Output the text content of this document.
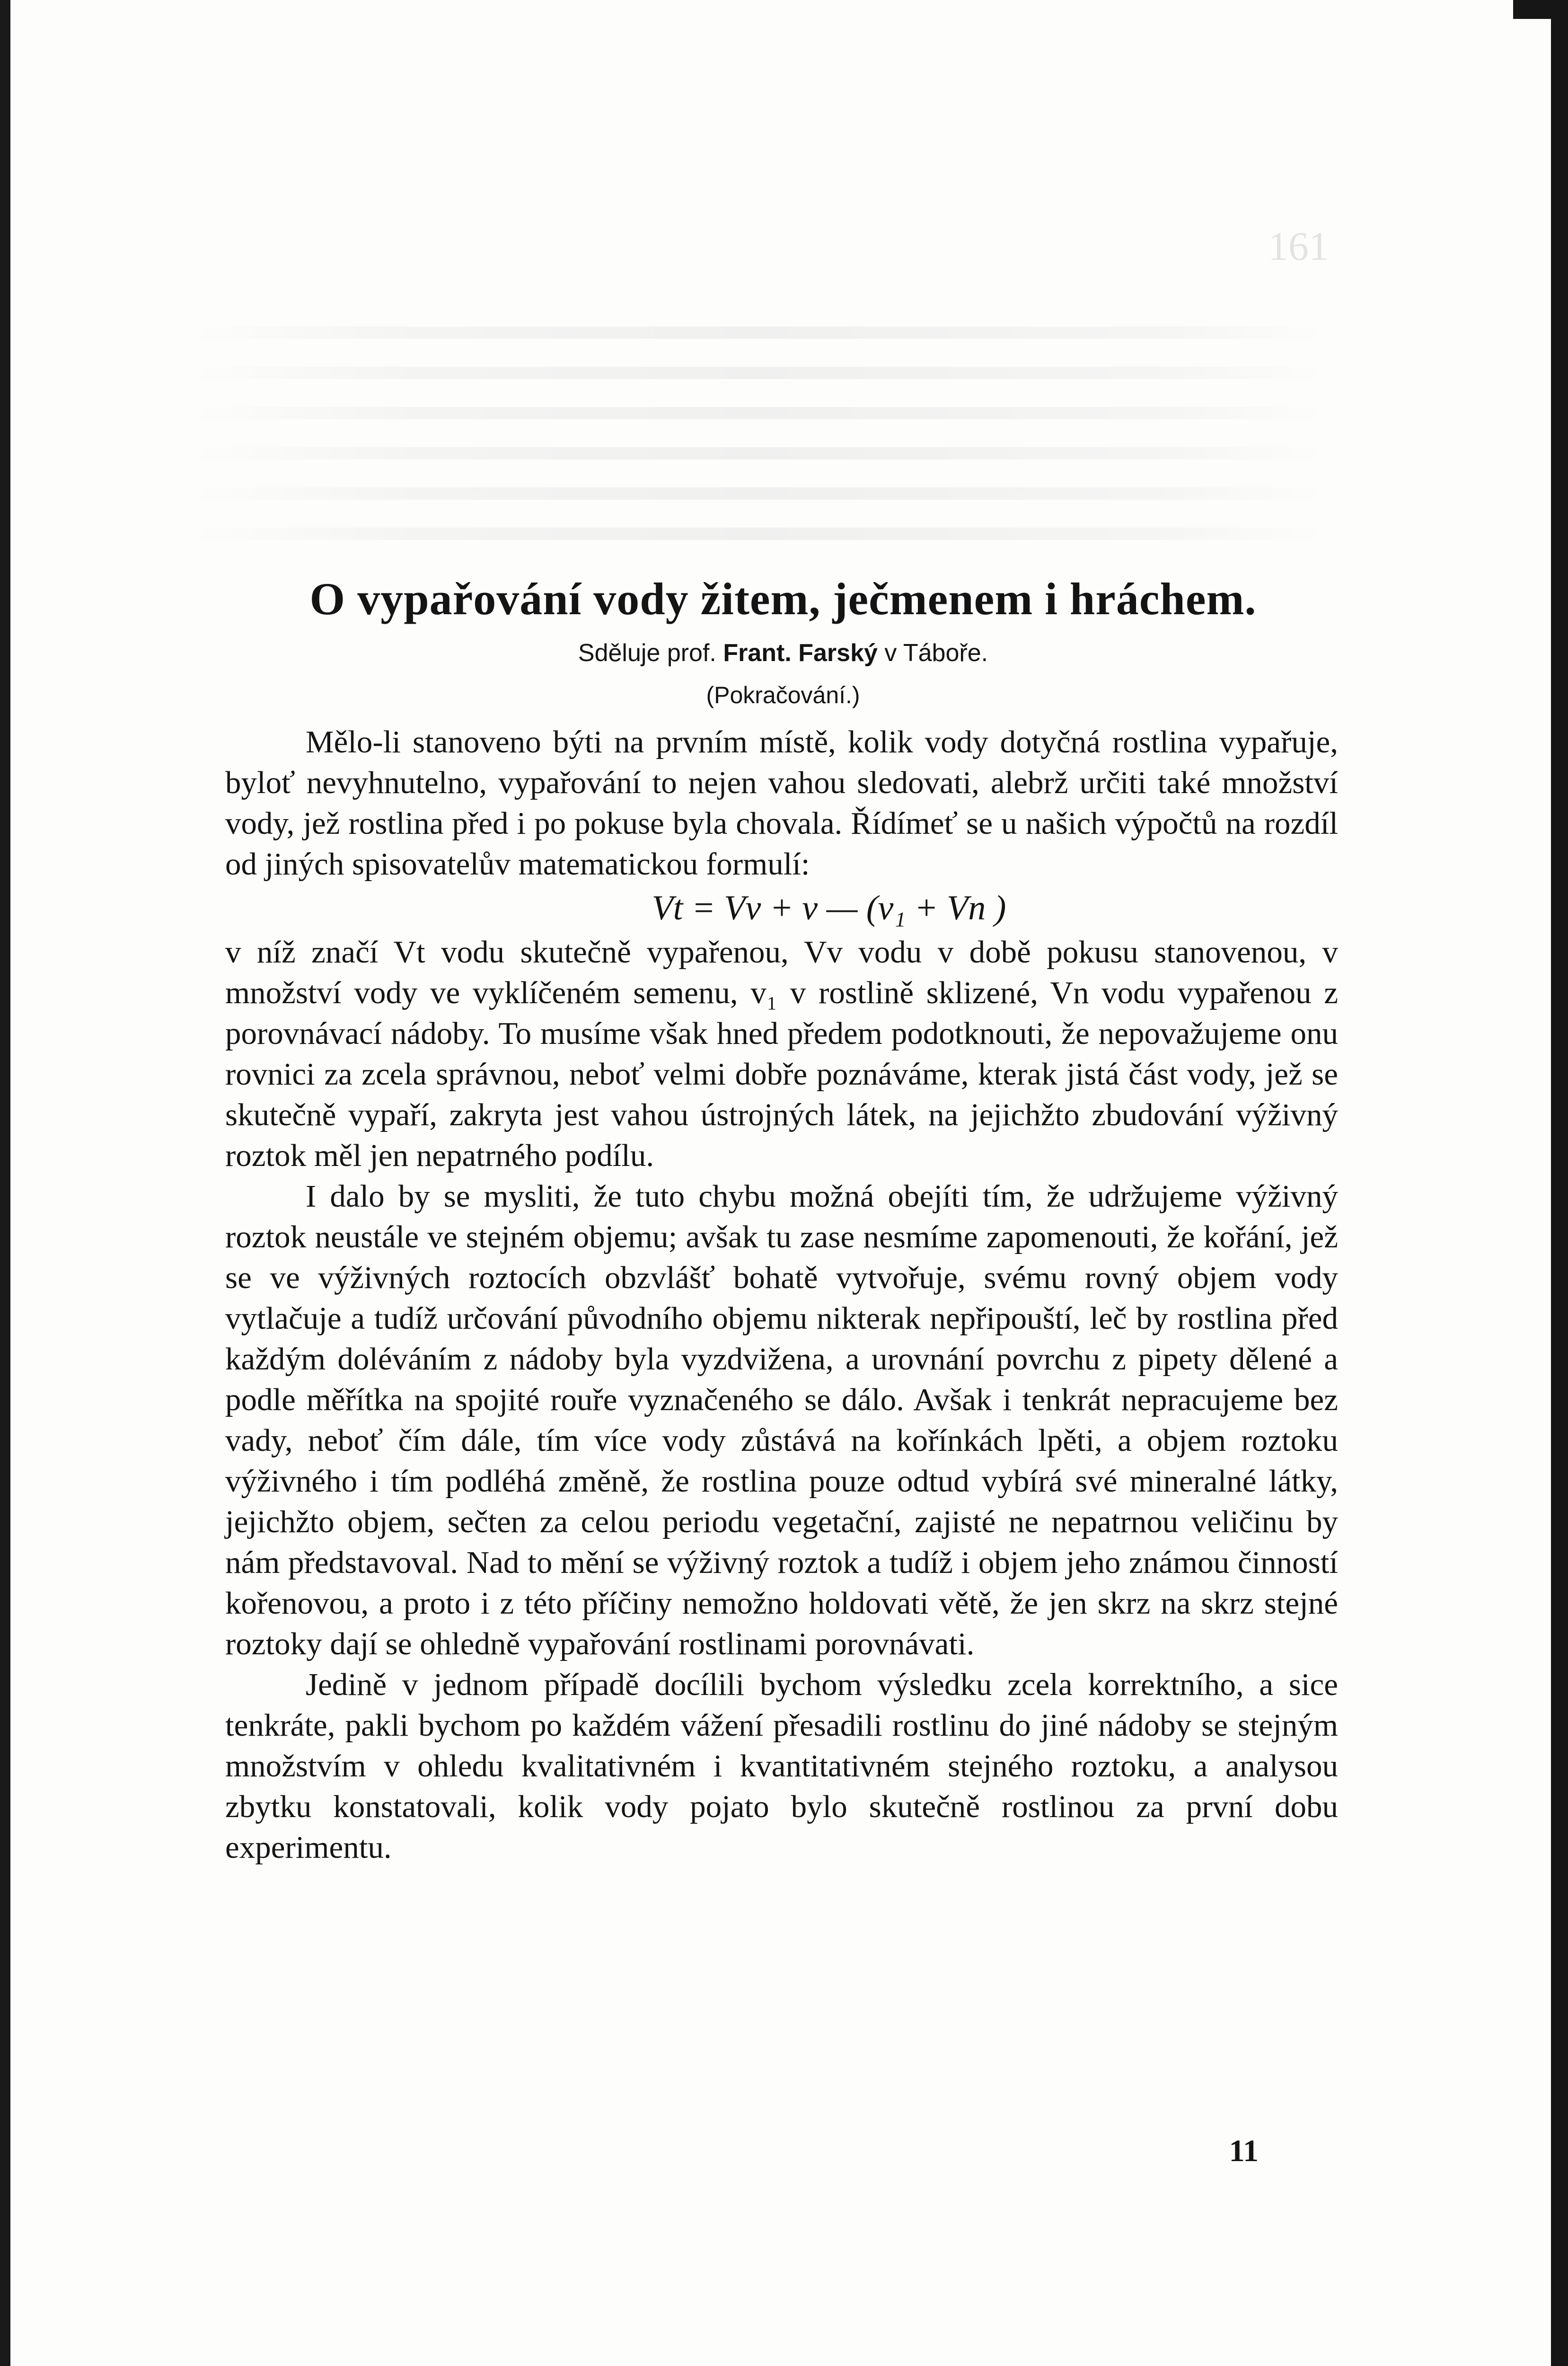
161
O vypařování vody žitem, ječmenem i hráchem.
Sděluje prof. Frant. Farský v Táboře.
(Pokračování.)

Mělo-li stanoveno býti na prvním místě, kolik vody dotyčná rostlina vypařuje, byloť nevyhnutelno, vypařování to nejen vahou sledovati, alebrž určiti také množství vody, jež rostlina před i po pokuse byla chovala. Řídímeť se u našich výpočtů na rozdíl od jiných spisovatelův matematickou formulí:

Vt = Vv + v — (v₁ + Vn )

v níž značí Vt vodu skutečně vypařenou, Vv vodu v době pokusu stanovenou, v množství vody ve vyklíčeném semenu, v₁ v rostlině sklizené, Vn vodu vypařenou z porovnávací nádoby. To musíme však hned předem podotknouti, že nepovažujeme onu rovnici za zcela správnou, neboť velmi dobře poznáváme, kterak jistá část vody, jež se skutečně vypaří, zakryta jest vahou ústrojných látek, na jejichžto zbudování výživný roztok měl jen nepatrného podílu.

I dalo by se mysliti, že tuto chybu možná obejíti tím, že udržujeme výživný roztok neustále ve stejném objemu; avšak tu zase nesmíme zapomenouti, že kořání, jež se ve výživných roztocích obzvlášť bohatě vytvořuje, svému rovný objem vody vytlačuje a tudíž určování původního objemu nikterak nepřipouští, leč by rostlina před každým doléváním z nádoby byla vyzdvižena, a urovnání povrchu z pipety dělené a podle měřítka na spojité rouře vyznačeného se dálo. Avšak i tenkrát nepracujeme bez vady, neboť čím dále, tím více vody zůstává na kořínkách lpěti, a objem roztoku výživného i tím podléhá změně, že rostlina pouze odtud vybírá své mineralné látky, jejichžto objem, sečten za celou periodu vegetační, zajisté ne nepatrnou veličinu by nám představoval. Nad to mění se výživný roztok a tudíž i objem jeho známou činností kořenovou, a proto i z této příčiny nemožno holdovati větě, že jen skrz na skrz stejné roztoky dají se ohledně vypařování rostlinami porovnávati.

Jedině v jednom případě docílili bychom výsledku zcela korrektního, a sice tenkráte, pakli bychom po každém vážení přesadili rostlinu do jiné nádoby se stejným množstvím v ohledu kvalitativném i kvantitativném stejného roztoku, a analysou zbytku konstatovali, kolik vody pojato bylo skutečně rostlinou za první dobu experimentu.

11
